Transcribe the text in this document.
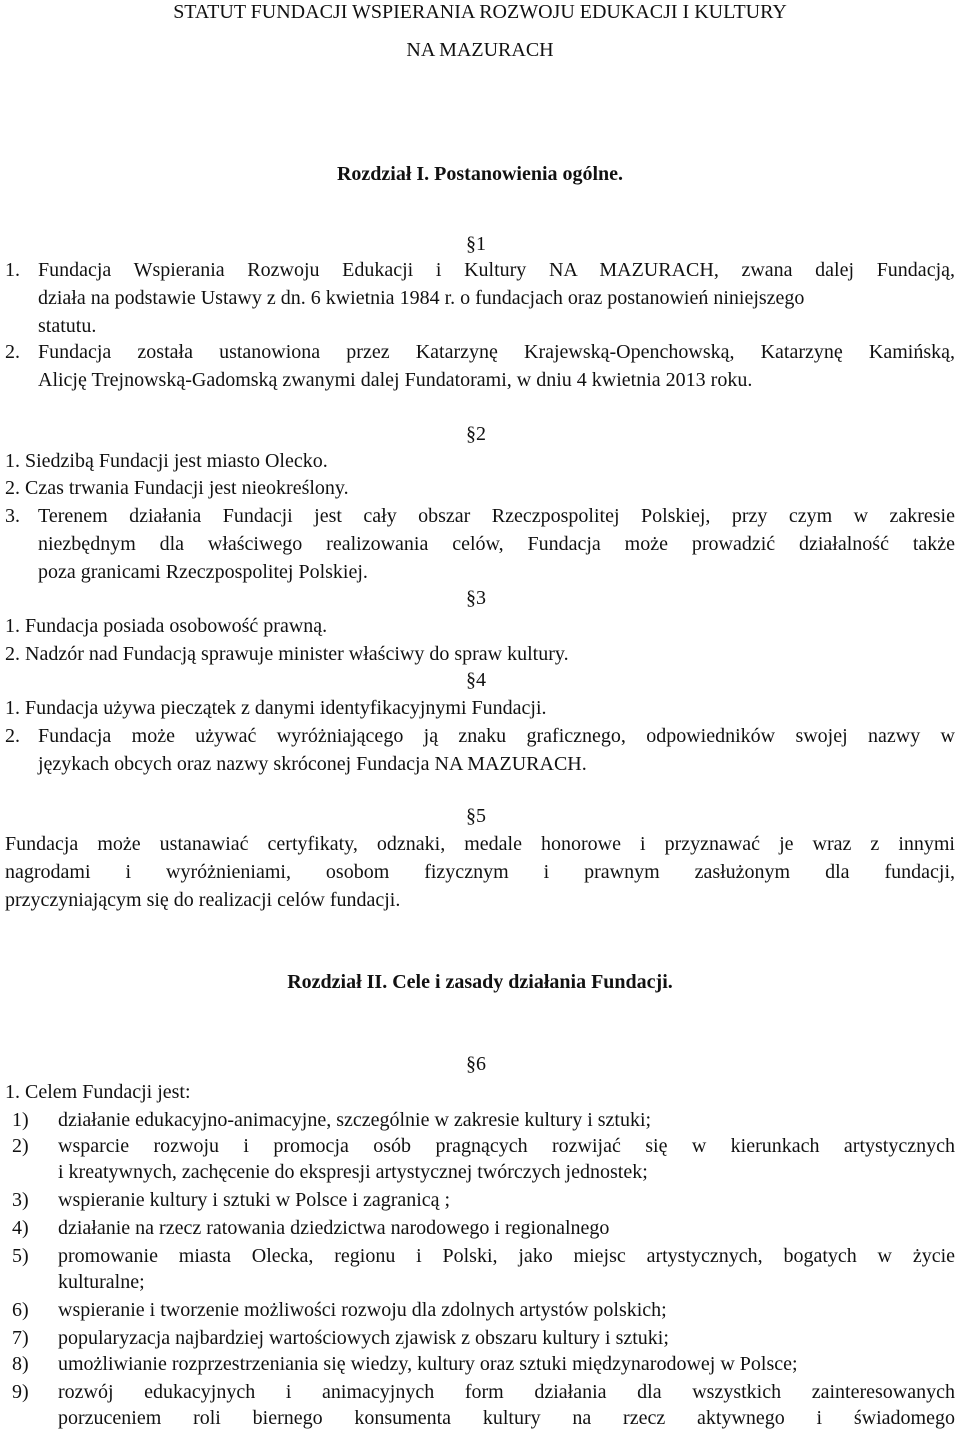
STATUT FUNDACJI WSPIERANIA ROZWOJU EDUKACJI I KULTURY
NA MAZURACH
Rozdział I. Postanowienia ogólne.
§1
1. Fundacja Wspierania Rozwoju Edukacji i Kultury NA MAZURACH, zwana dalej Fundacją,
działa na podstawie Ustawy z dn. 6 kwietnia 1984 r. o fundacjach oraz postanowień niniejszego
statutu.
2. Fundacja została ustanowiona przez Katarzynę Krajewską-Openchowską, Katarzynę Kamińską,
Alicję Trejnowską-Gadomską zwanymi dalej Fundatorami, w dniu 4 kwietnia 2013 roku.
§2
1. Siedzibą Fundacji jest miasto Olecko.
2. Czas trwania Fundacji jest nieokreślony.
3. Terenem działania Fundacji jest cały obszar Rzeczpospolitej Polskiej, przy czym w zakresie
niezbędnym dla właściwego realizowania celów, Fundacja może prowadzić działalność także
poza granicami Rzeczpospolitej Polskiej.
§3
1. Fundacja posiada osobowość prawną.
2. Nadzór nad Fundacją sprawuje minister właściwy do spraw kultury.
§4
1. Fundacja używa pieczątek z danymi identyfikacyjnymi Fundacji.
2. Fundacja może używać wyróżniającego ją znaku graficznego, odpowiedników swojej nazwy w
językach obcych oraz nazwy skróconej Fundacja NA MAZURACH.
§5
Fundacja może ustanawiać certyfikaty, odznaki, medale honorowe i przyznawać je wraz z innymi
nagrodami i wyróżnieniami, osobom fizycznym i prawnym zasłużonym dla fundacji,
przyczyniającym się do realizacji celów fundacji.
Rozdział II. Cele i zasady działania Fundacji.
§6
1. Celem Fundacji jest:
1) działanie edukacyjno-animacyjne, szczególnie w zakresie kultury i sztuki;
2) wsparcie rozwoju i promocja osób pragnących rozwijać się w kierunkach artystycznych
i kreatywnych, zachęcenie do ekspresji artystycznej twórczych jednostek;
3) wspieranie kultury i sztuki w Polsce i zagranicą ;
4) działanie na rzecz ratowania dziedzictwa narodowego i regionalnego
5) promowanie miasta Olecka, regionu i Polski, jako miejsc artystycznych, bogatych w życie
kulturalne;
6) wspieranie i tworzenie możliwości rozwoju dla zdolnych artystów polskich;
7) popularyzacja najbardziej wartościowych zjawisk z obszaru kultury i sztuki;
8) umożliwianie rozprzestrzeniania się wiedzy, kultury oraz sztuki międzynarodowej w Polsce;
9) rozwój edukacyjnych i animacyjnych form działania dla wszystkich zainteresowanych
porzuceniem roli biernego konsumenta kultury na rzecz aktywnego i świadomego
